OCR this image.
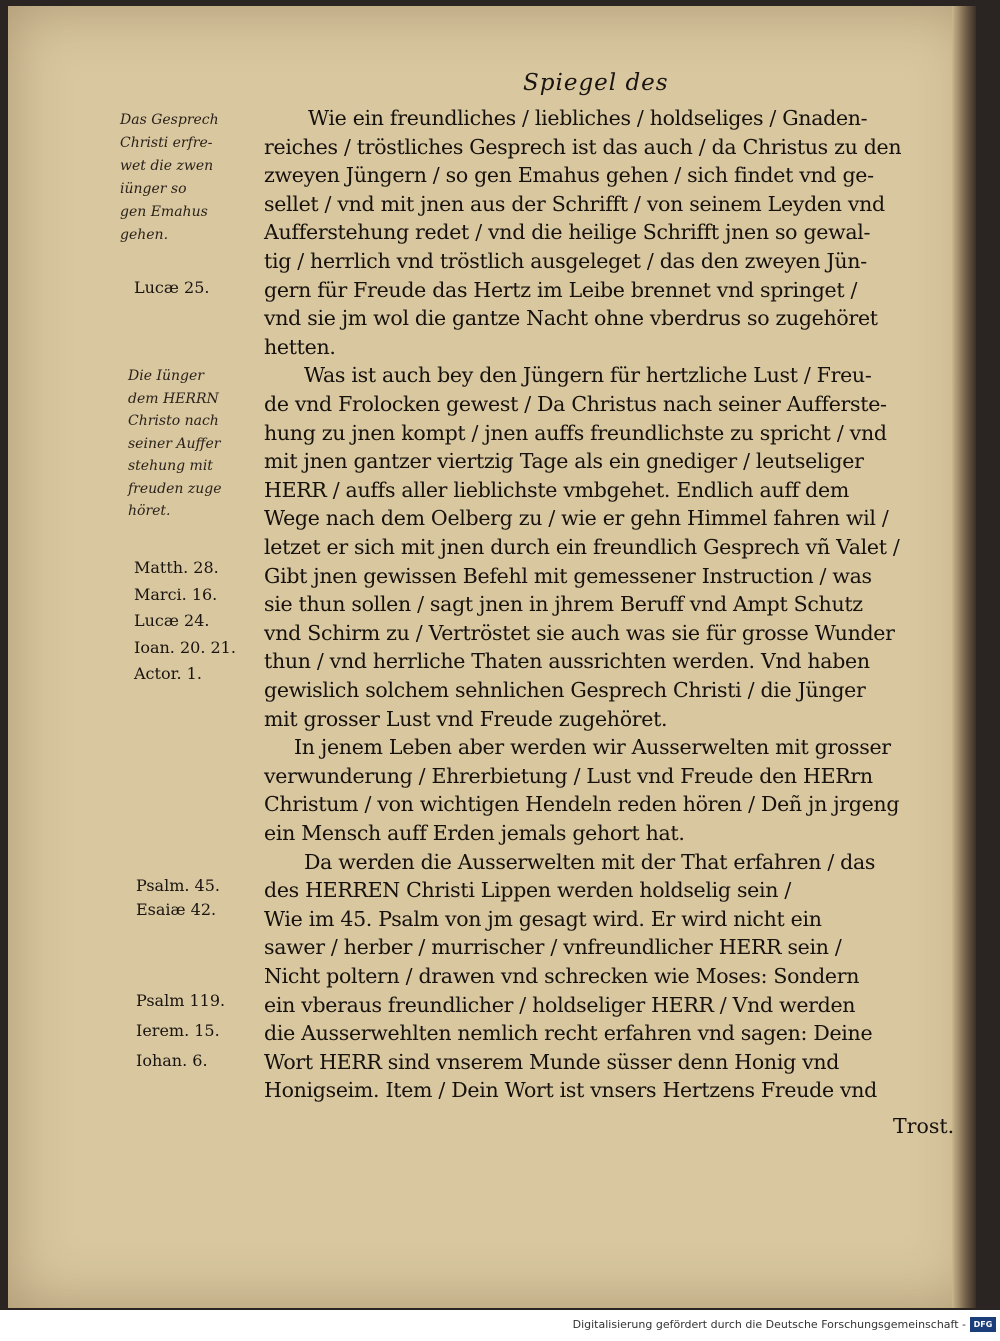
Spiegel des
Wie ein freundliches / liebliches / holdseliges / Gnaden-
reiches / tröstliches Gesprech ist das auch / da Christus zu den
zweyen Jüngern / so gen Emahus gehen / sich findet vnd ge-
sellet / vnd mit jnen aus der Schrifft / von seinem Leyden vnd
Aufferstehung redet / vnd die heilige Schrifft jnen so gewal-
tig / herrlich vnd tröstlich ausgeleget / das den zweyen Jün-
gern für Freude das Hertz im Leibe brennet vnd springet /
vnd sie jm wol die gantze Nacht ohne vberdrus so zugehöret
hetten.
Was ist auch bey den Jüngern für hertzliche Lust / Freu-
de vnd Frolocken gewest / Da Christus nach seiner Aufferste-
hung zu jnen kompt / jnen auffs freundlichste zu spricht / vnd
mit jnen gantzer viertzig Tage als ein gnediger / leutseliger
HERR / auffs aller lieblichste vmbgehet. Endlich auff dem
Wege nach dem Oelberg zu / wie er gehn Himmel fahren wil /
letzet er sich mit jnen durch ein freundlich Gesprech vñ Valet /
Gibt jnen gewissen Befehl mit gemessener Instruction / was
sie thun sollen / sagt jnen in jhrem Beruff vnd Ampt Schutz
vnd Schirm zu / Vertröstet sie auch was sie für grosse Wunder
thun / vnd herrliche Thaten aussrichten werden. Vnd haben
gewislich solchem sehnlichen Gesprech Christi / die Jünger
mit grosser Lust vnd Freude zugehöret.
In jenem Leben aber werden wir Ausserwelten mit grosser
verwunderung / Ehrerbietung / Lust vnd Freude den HERrn
Christum / von wichtigen Hendeln reden hören / Deñ jn jrgeng
ein Mensch auff Erden jemals gehort hat.
Da werden die Ausserwelten mit der That erfahren / das
des HERREN Christi Lippen werden holdselig sein /
Wie im 45. Psalm von jm gesagt wird. Er wird nicht ein
sawer / herber / murrischer / vnfreundlicher HERR sein /
Nicht poltern / drawen vnd schrecken wie Moses: Sondern
ein vberaus freundlicher / holdseliger HERR / Vnd werden
die Ausserwehlten nemlich recht erfahren vnd sagen: Deine
Wort HERR sind vnserem Munde süsser denn Honig vnd
Honigseim. Item / Dein Wort ist vnsers Hertzens Freude vnd
Das Gesprech
Christi erfre-
wet die zwen
iünger so
gen Emahus
gehen.
Die Iünger
dem HERRN
Christo nach
seiner Auffer
stehung mit
freuden zuge
höret.
Lucæ 25.
Matth. 28.
Marci. 16.
Lucæ 24.
Ioan. 20. 21.
Actor. 1.
Psalm. 45.
Esaiæ 42.
Psalm 119.
Ierem. 15.
Iohan. 6.
Trost.
Digitalisierung gefördert durch die Deutsche Forschungsgemeinschaft - DFG
